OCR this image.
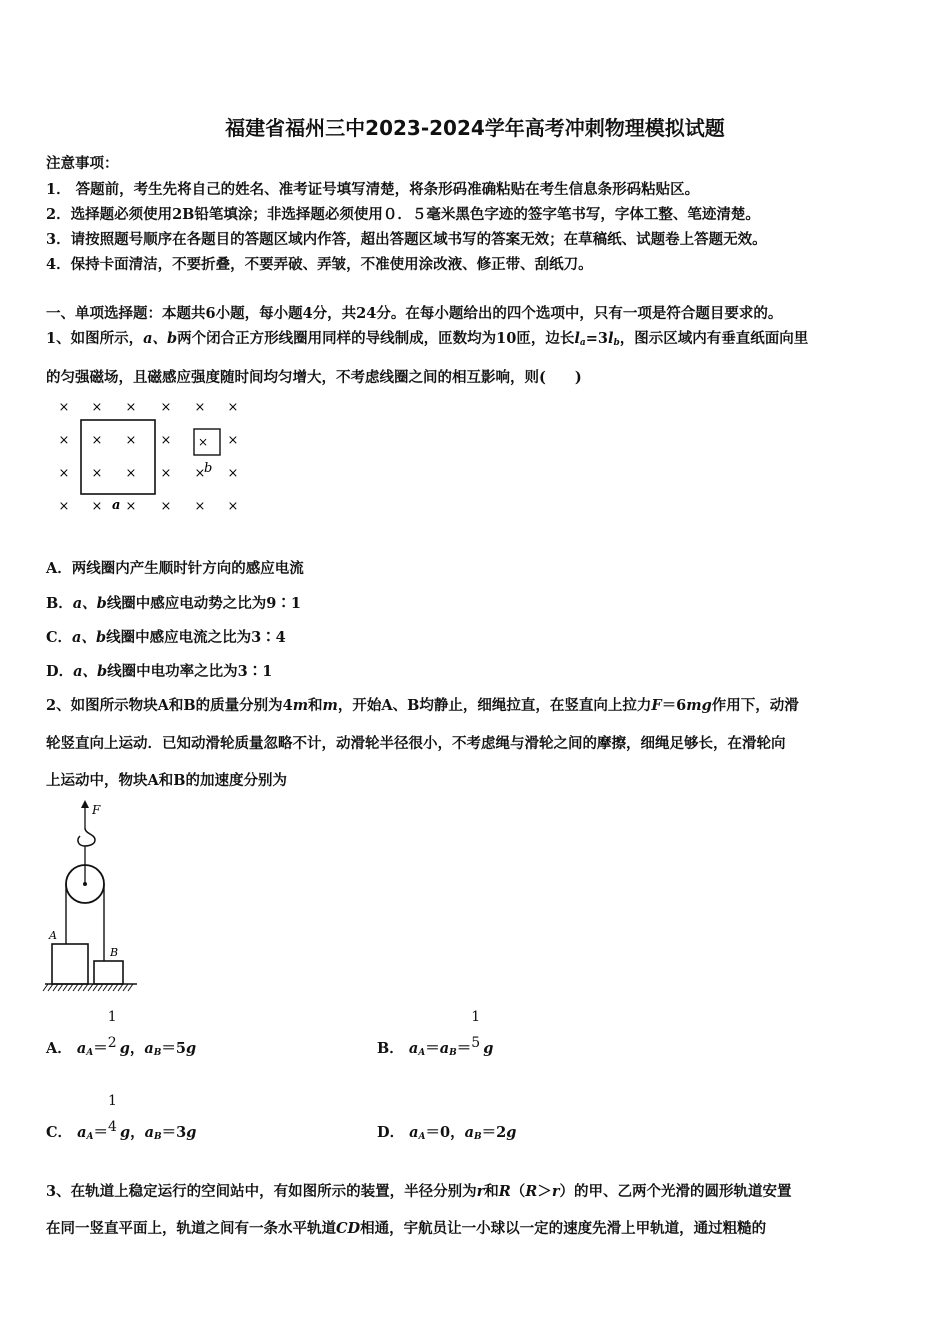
福建省福州三中2023-2024学年高考冲刺物理模拟试题
注意事项：
1． 答题前，考生先将自己的姓名、准考证号填写清楚，将条形码准确粘贴在考生信息条形码粘贴区。
2．选择题必须使用2B铅笔填涂；非选择题必须使用０．５毫米黑色字迹的签字笔书写，字体工整、笔迹清楚。
3．请按照题号顺序在各题目的答题区域内作答，超出答题区域书写的答案无效；在草稿纸、试题卷上答题无效。
4．保持卡面清洁，不要折叠，不要弄破、弄皱，不准使用涂改液、修正带、刮纸刀。
一、单项选择题：本题共6小题，每小题4分，共24分。在每小题给出的四个选项中，只有一项是符合题目要求的。
1、如图所示，a、b两个闭合正方形线圈用同样的导线制成，匝数均为10匝，边长$l_a=3l_b$，图示区域内有垂直纸面向里
的匀强磁场，且磁感应强度随时间均匀增大，不考虑线圈之间的相互影响，则(　　)
× × × × × ×
× × × ×	×
× × × × × ×
× × × × × ×
×
a
b
A．两线圈内产生顺时针方向的感应电流
B．a、b线圈中感应电动势之比为9∶1
C．a、b线圈中感应电流之比为3∶4
D．a、b线圈中电功率之比为3∶1
2、如图所示物块A和B的质量分别为4m和m，开始A、B均静止，细绳拉直，在竖直向上拉力F＝6mg作用下，动滑
轮竖直向上运动．已知动滑轮质量忽略不计，动滑轮半径很小，不考虑绳与滑轮之间的摩擦，细绳足够长，在滑轮向
上运动中，物块A和B的加速度分别为
F
A
B
A． $a_A=$
1
2 g，$a_B=5g$	B． $a_A=a_B=$
1
5 g
C． $a_A=$
1
4 g，$a_B=3g$	D． $a_A=0$，$a_B=2g$
3、在轨道上稳定运行的空间站中，有如图所示的装置，半径分别为r和R（R＞r）的甲、乙两个光滑的圆形轨道安置
在同一竖直平面上，轨道之间有一条水平轨道CD相通，宇航员让一小球以一定的速度先滑上甲轨道，通过粗糙的
